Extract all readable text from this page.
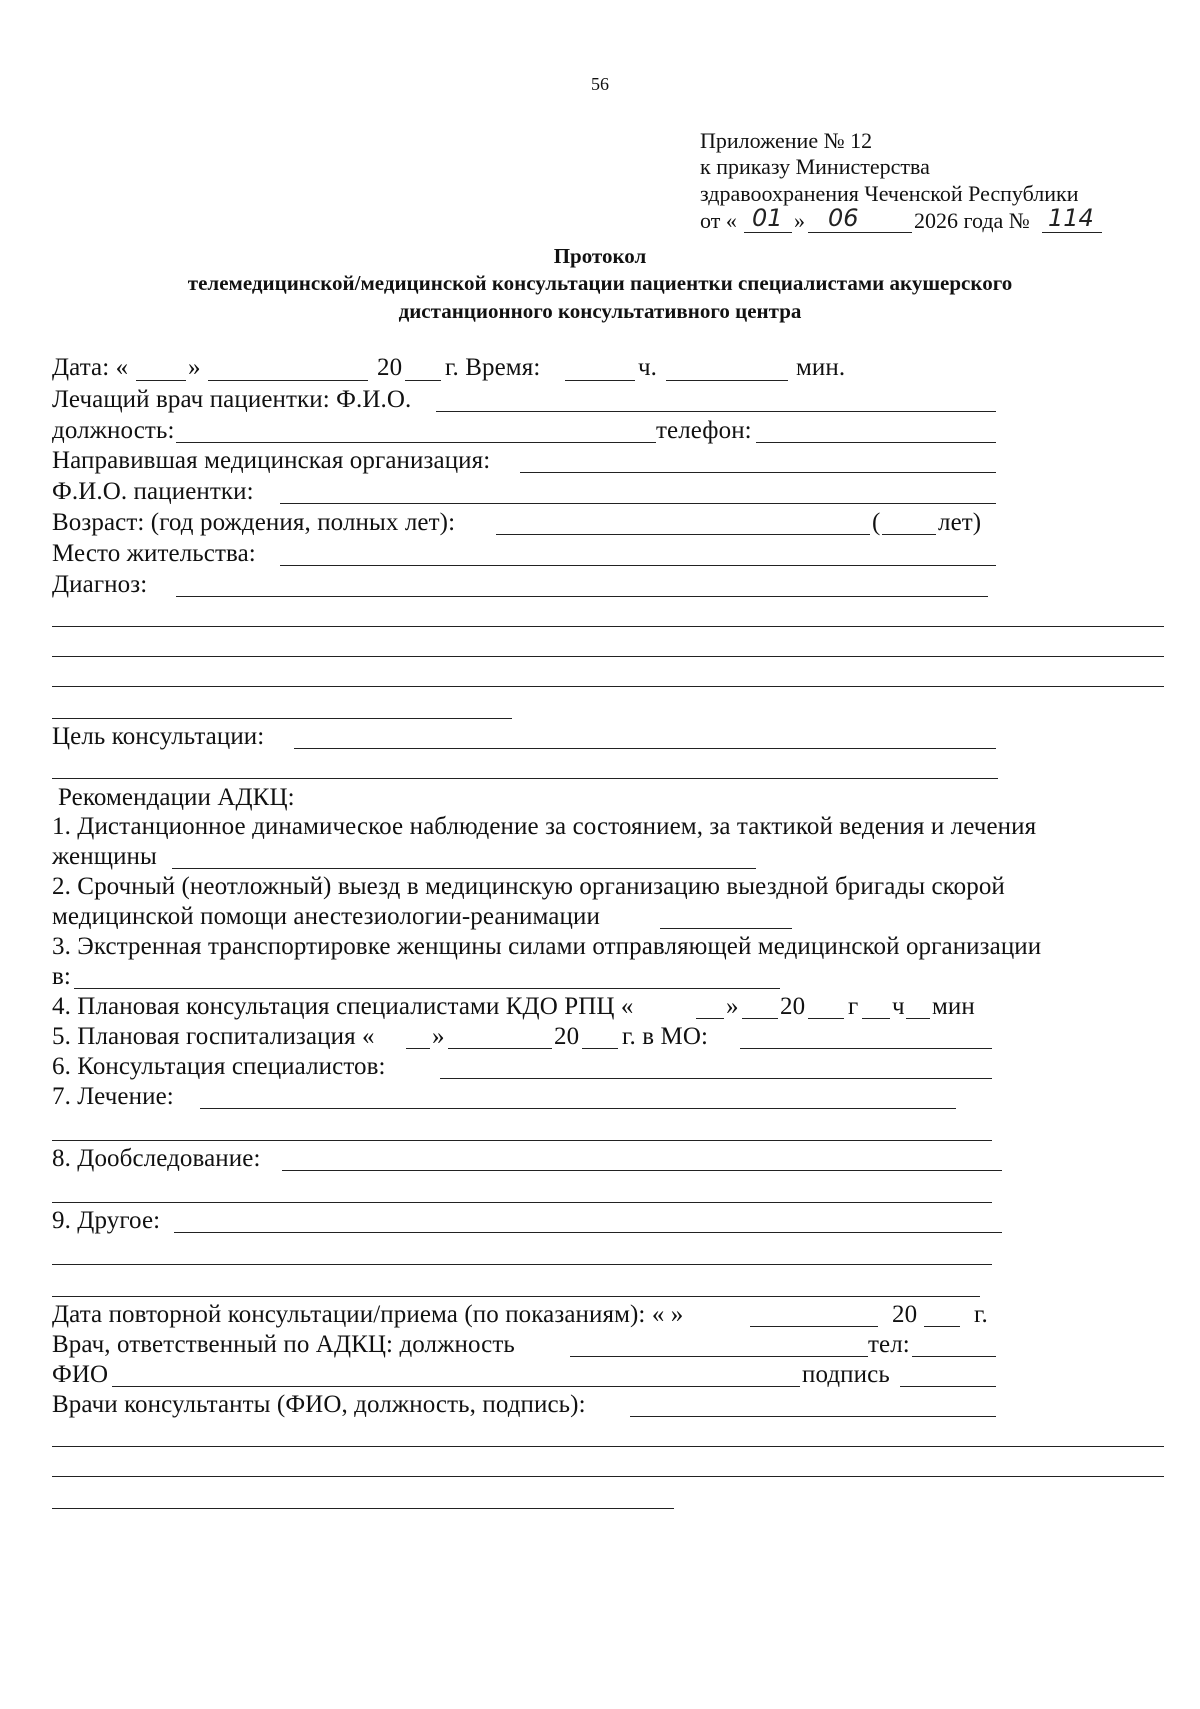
56
Приложение № 12
к приказу Министерства
здравоохранения Чеченской Республики
от « 01 » 06	2026 года № 114
Протокол
телемедицинской/медицинской консультации пациентки специалистами акушерского
дистанционного консультативного центра
Дата: « »	20 г. Время:	ч.	мин.
Лечащий врач пациентки: Ф.И.О.
должность:	телефон:
Направившая медицинская организация:
Ф.И.О. пациентки:
Возраст: (год рождения, полных лет):	( лет)
Место жительства:
Диагноз:
Цель консультации:
Рекомендации АДКЦ:
1. Дистанционное динамическое наблюдение за состоянием, за тактикой ведения и лечения
женщины
2. Срочный (неотложный) выезд в медицинскую организацию выездной бригады скорой
медицинской помощи анестезиологии-реанимации
3. Экстренная транспортировке женщины силами отправляющей медицинской организации
в:
4. Плановая консультация специалистами КДО РПЦ «	» 20 г ч мин
5. Плановая госпитализация « »	20 г. в МО:
6. Консультация специалистов:
7. Лечение:
8. Дообследование:
9. Другое:
Дата повторной консультации/приема (по показаниям): « »	20 г.
Врач, ответственный по АДКЦ: должность	тел:
ФИО	подпись
Врачи консультанты (ФИО, должность, подпись):
